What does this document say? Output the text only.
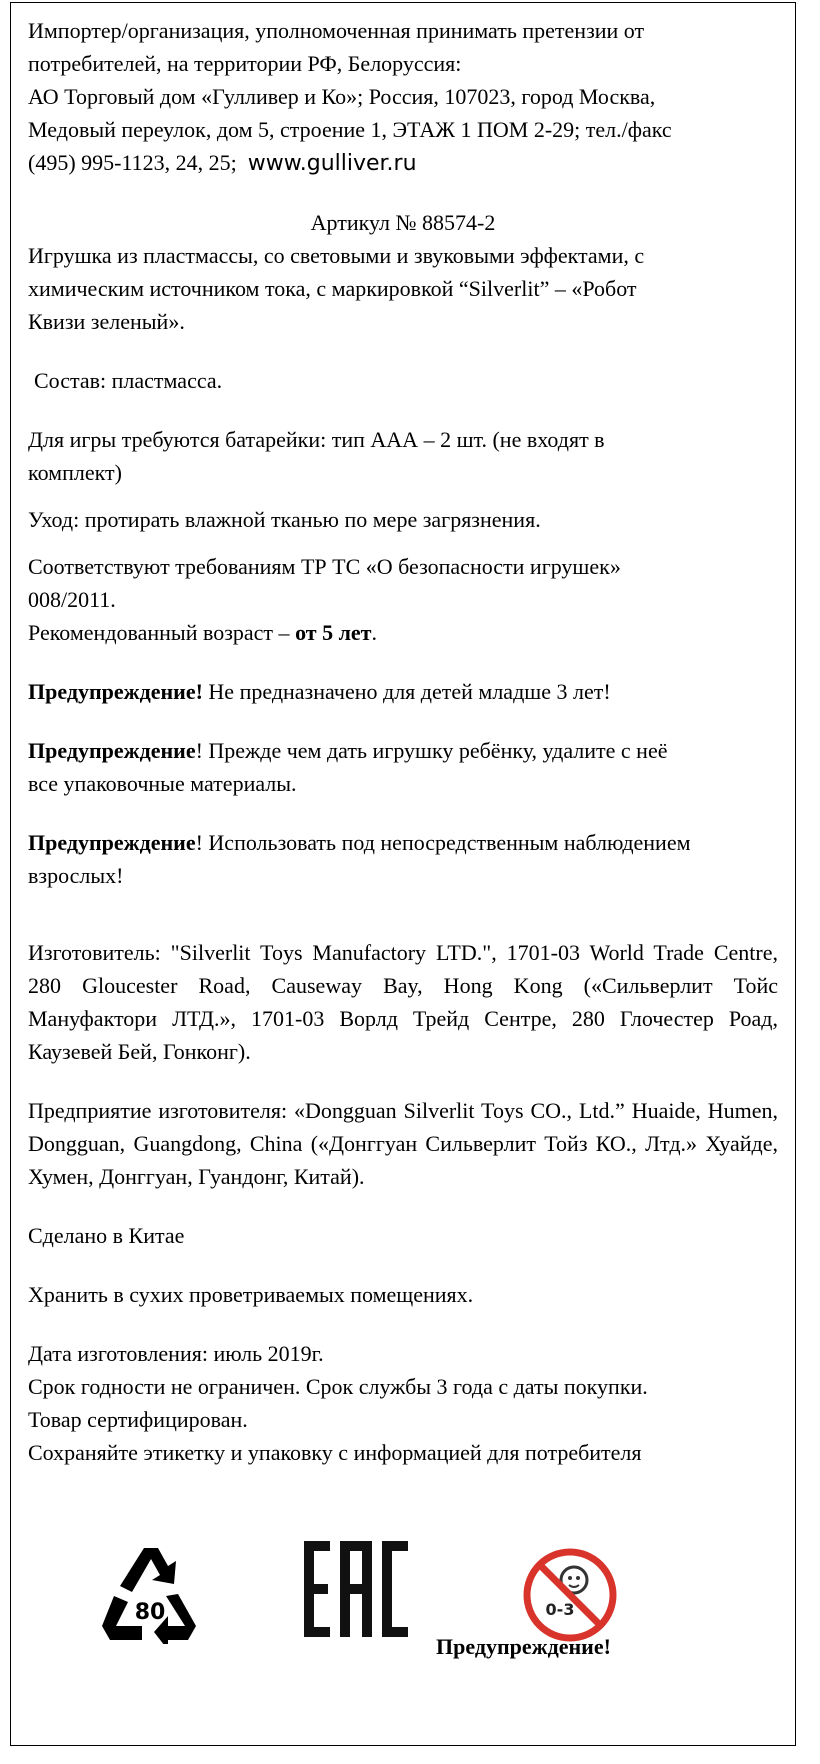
Импортер/организация, уполномоченная принимать претензии от
потребителей, на территории РФ, Белоруссия:
АО Торговый дом «Гулливер и Ко»; Россия, 107023, город Москва,
Медовый переулок, дом 5, строение 1, ЭТАЖ 1 ПОМ 2-29; тел./факс
(495) 995-1123, 24, 25; www.gulliver.ru
Артикул № 88574-2
Игрушка из пластмассы, со световыми и звуковыми эффектами, с
химическим источником тока, с маркировкой “Silverlit” – «Робот
Квизи зеленый».
Состав: пластмасса.
Для игры требуются батарейки: тип ААА – 2 шт. (не входят в
комплект)
Уход: протирать влажной тканью по мере загрязнения.
Соответствуют требованиям ТР ТС «О безопасности игрушек»
008/2011.
Рекомендованный возраст – от 5 лет.
Предупреждение! Не предназначено для детей младше 3 лет!
Предупреждение! Прежде чем дать игрушку ребёнку, удалите с неё
все упаковочные материалы.
Предупреждение! Использовать под непосредственным наблюдением
взрослых!
Изготовитель: "Silverlit Toys Manufactory LTD.", 1701-03 World Trade Centre, 280 Gloucester Road, Causeway Bay, Hong Kong («Сильверлит Тойс Мануфактори ЛТД.», 1701-03 Ворлд Трейд Сентре, 280 Глочестер Роад, Каузевей Бей, Гонконг).
Предприятие изготовителя: «Dongguan Silverlit Toys CO., Ltd.” Huaide, Humen, Dongguan, Guangdong, China («Донггуан Сильверлит Тойз КО., Лтд.» Хуайде, Хумен, Донггуан, Гуандонг, Китай).
Сделано в Китае
Хранить в сухих проветриваемых помещениях.
Дата изготовления: июль 2019г.
Срок годности не ограничен. Срок службы 3 года с даты покупки.
Товар сертифицирован.
Сохраняйте этикетку и упаковку с информацией для потребителя
80	0-3
Предупреждение!
